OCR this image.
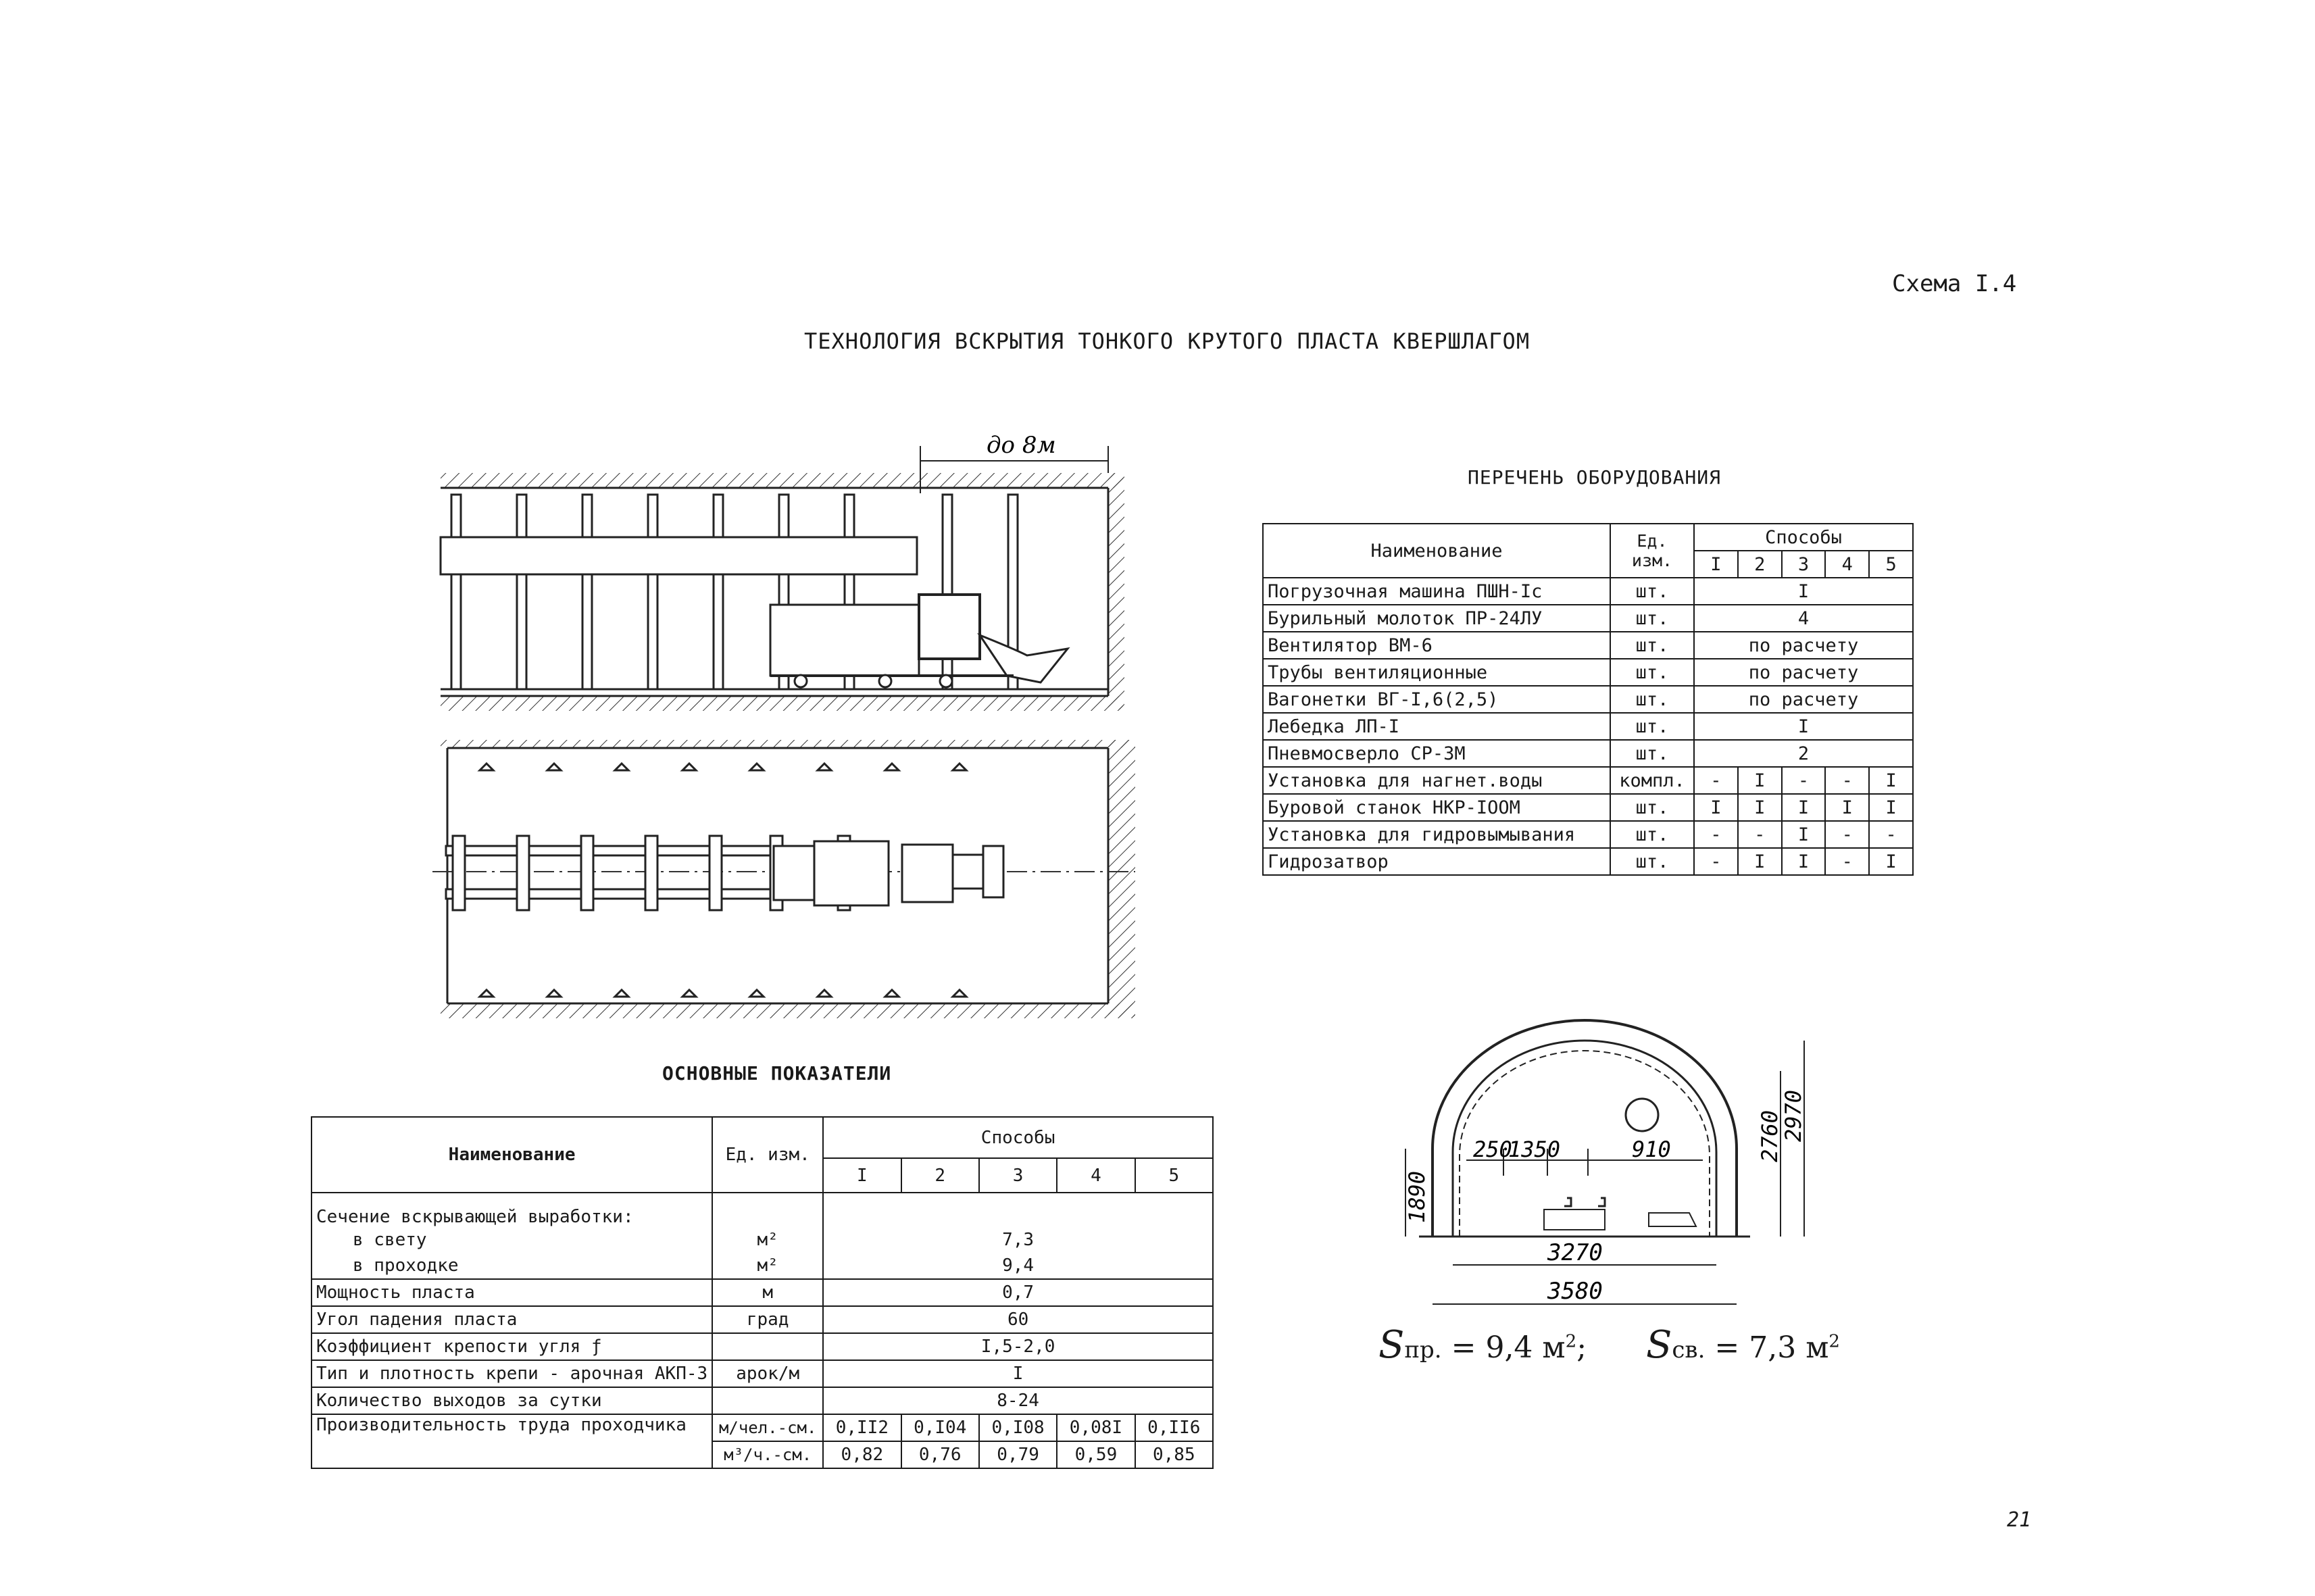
Схема I.4
ТЕХНОЛОГИЯ ВСКРЫТИЯ ТОНКОГО КРУТОГО ПЛАСТА КВЕРШЛАГОМ
до 8м
ПЕРЕЧЕНЬ ОБОРУДОВАНИЯ
Наименование	Ед. изм.	Способы				
		I	2	3	4	5
Погрузочная машина ПШН-Iс	шт.	I				
Бурильный молоток ПР-24ЛУ	шт.	4				
Вентилятор ВМ-6	шт.	по расчету				
Трубы вентиляционные	шт.	по расчету				
Вагонетки ВГ-I,6(2,5)	шт.	по расчету				
Лебедка ЛП-I	шт.	I				
Пневмосверло СР-3М	шт.	2				
Установка для нагнет.воды	компл.	-	I	-	-	I
Буровой станок НКР-IООМ	шт.	I	I	I	I	I
Установка для гидровымывания	шт.	-	-	I	-	-
Гидрозатвор	шт.	-	I	I	-	I
250
1350	910
1890
2760
2970
3270
3580
Sпр. = 9,4 $м^2$; Sсв. = 7,3 $м^2$
ОСНОВНЫЕ ПОКАЗАТЕЛИ
Наименование	Ед. изм.	Способы				
		I	2	3	4	5
Сечение вскрывающей выработки:						
в свету	м²	7,3				
в проходке	м²	9,4				
Мощность пласта	м	0,7				
Угол падения пласта	град	60				
Коэффициент крепости угля ƒ		I,5-2,0				
Тип и плотность крепи - арочная АКП-3	арок/м	I				
Количество выходов за сутки		8-24				
Производительность труда проходчика	м/чел.-см.	0,II2	0,I04	0,I08	0,08I	0,II6
	м³/ч.-см.	0,82	0,76	0,79	0,59	0,85
21
